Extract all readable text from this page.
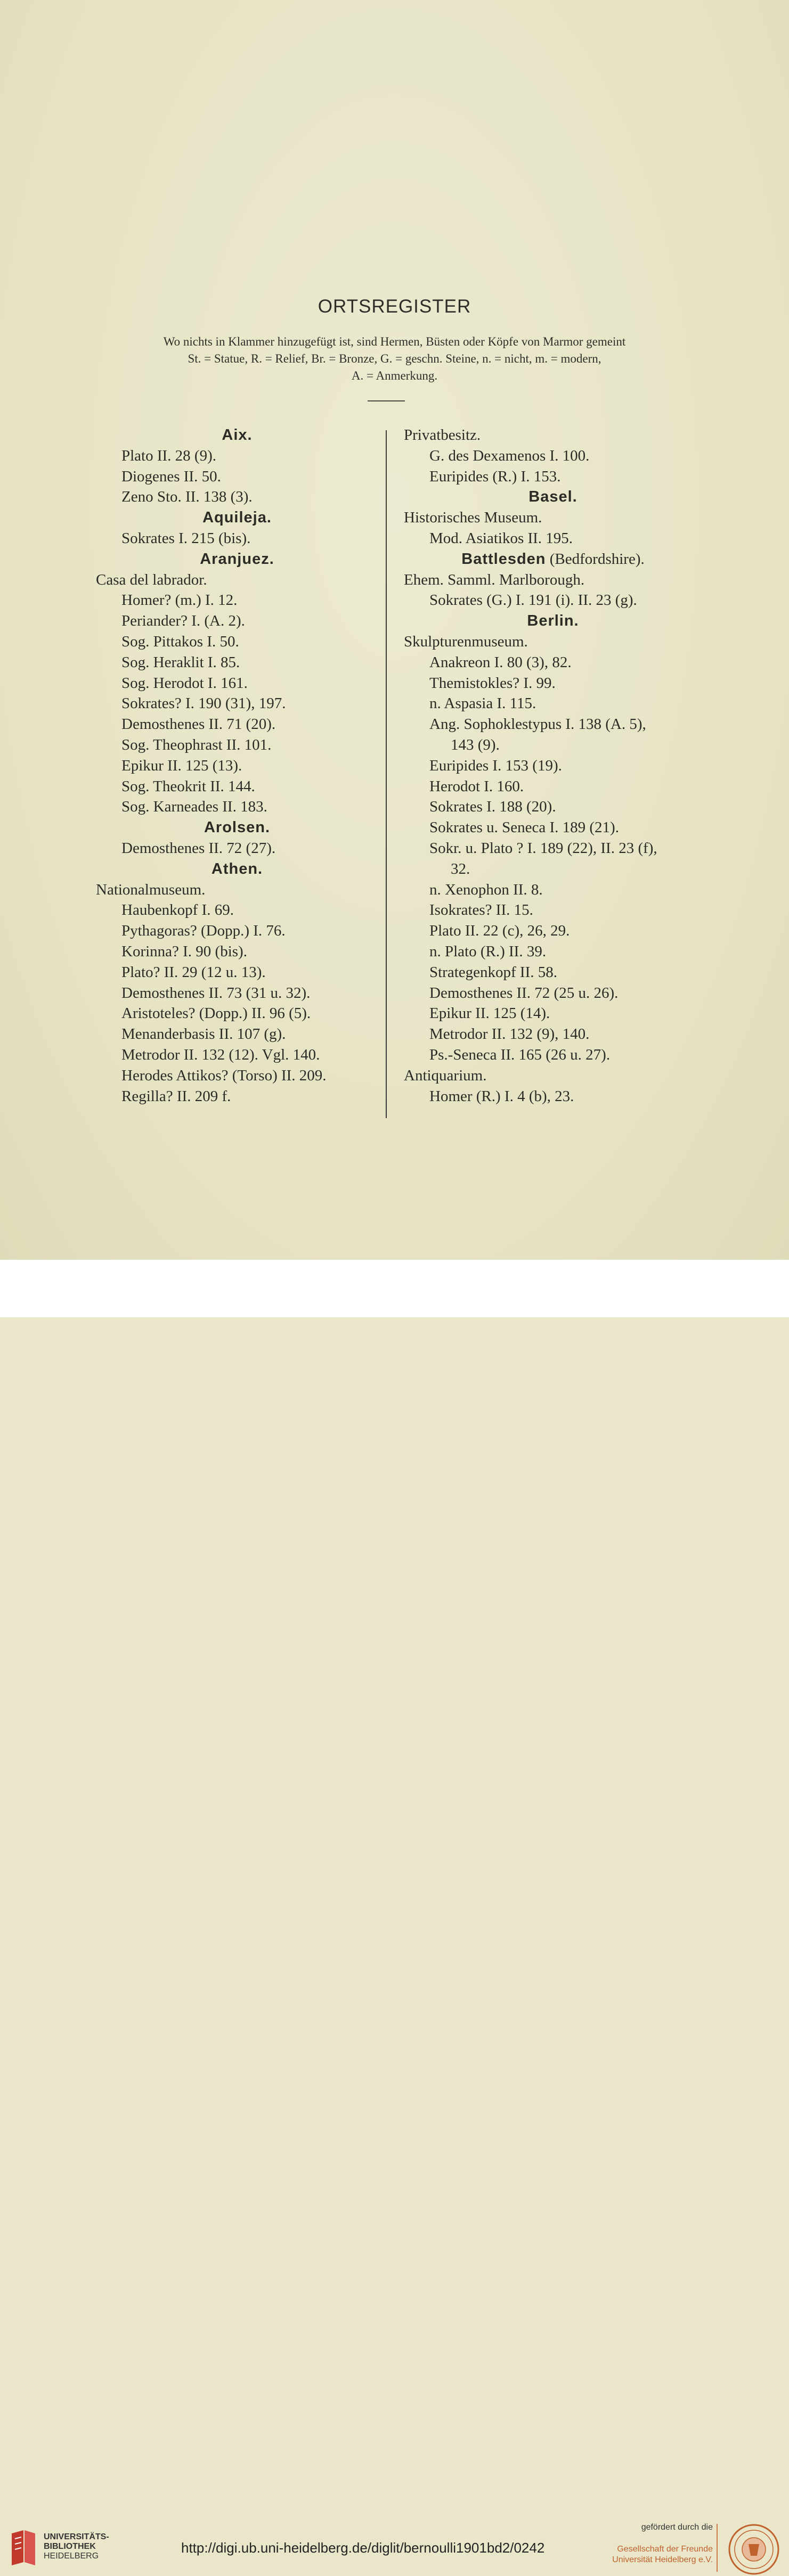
ORTSREGISTER
Wo nichts in Klammer hinzugefügt ist, sind Hermen, Büsten oder Köpfe von Marmor gemeint
St. = Statue, R. = Relief, Br. = Bronze, G. = geschn. Steine, n. = nicht, m. = modern,
A. = Anmerkung.
Aix.
Plato II. 28 (9).
Diogenes II. 50.
Zeno Sto. II. 138 (3).
Aquileja.
Sokrates I. 215 (bis).
Aranjuez.
Casa del labrador.
Homer? (m.) I. 12.
Periander? I. (A. 2).
Sog. Pittakos I. 50.
Sog. Heraklit I. 85.
Sog. Herodot I. 161.
Sokrates? I. 190 (31), 197.
Demosthenes II. 71 (20).
Sog. Theophrast II. 101.
Epikur II. 125 (13).
Sog. Theokrit II. 144.
Sog. Karneades II. 183.
Arolsen.
Demosthenes II. 72 (27).
Athen.
Nationalmuseum.
Haubenkopf I. 69.
Pythagoras? (Dopp.) I. 76.
Korinna? I. 90 (bis).
Plato? II. 29 (12 u. 13).
Demosthenes II. 73 (31 u. 32).
Aristoteles? (Dopp.) II. 96 (5).
Menanderbasis II. 107 (g).
Metrodor II. 132 (12). Vgl. 140.
Herodes Attikos? (Torso) II. 209.
Regilla? II. 209 f.
Privatbesitz.
G. des Dexamenos I. 100.
Euripides (R.) I. 153.
Basel.
Historisches Museum.
Mod. Asiatikos II. 195.
Battlesden (Bedfordshire).
Ehem. Samml. Marlborough.
Sokrates (G.) I. 191 (i). II. 23 (g).
Berlin.
Skulpturenmuseum.
Anakreon I. 80 (3), 82.
Themistokles? I. 99.
n. Aspasia I. 115.
Ang. Sophoklestypus I. 138 (A. 5),
143 (9).
Euripides I. 153 (19).
Herodot I. 160.
Sokrates I. 188 (20).
Sokrates u. Seneca I. 189 (21).
Sokr. u. Plato ? I. 189 (22), II. 23 (f),
32.
n. Xenophon II. 8.
Isokrates? II. 15.
Plato II. 22 (c), 26, 29.
n. Plato (R.) II. 39.
Strategenkopf II. 58.
Demosthenes II. 72 (25 u. 26).
Epikur II. 125 (14).
Metrodor II. 132 (9), 140.
Ps.-Seneca II. 165 (26 u. 27).
Antiquarium.
Homer (R.) I. 4 (b), 23.
UNIVERSITÄTS-
BIBLIOTHEK
HEIDELBERG
http://digi.ub.uni-heidelberg.de/diglit/bernoulli1901bd2/0242
gefördert durch die
Gesellschaft der Freunde
Universität Heidelberg e.V.
